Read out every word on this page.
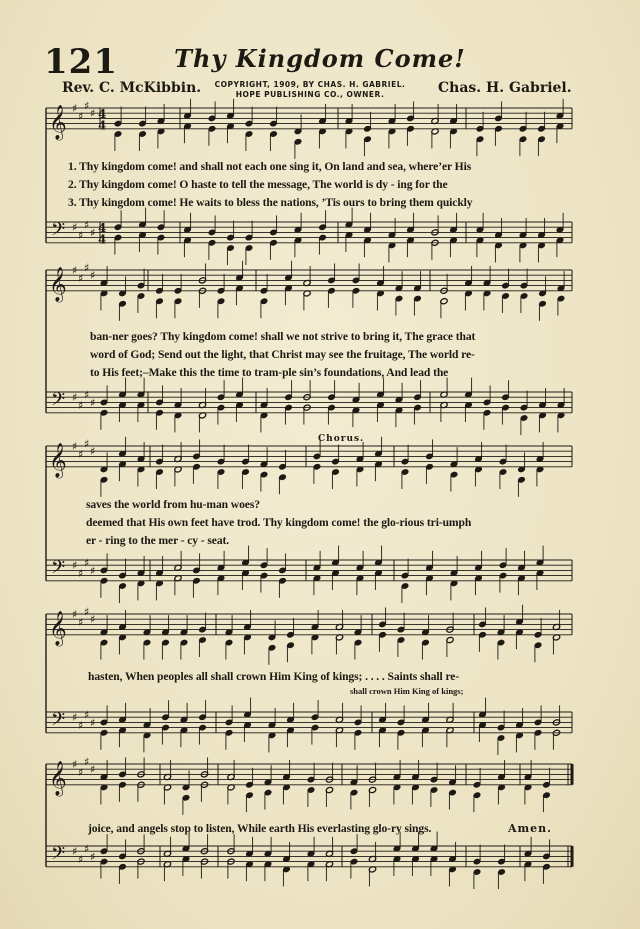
121	Thy Kingdom Come!
Rev. C. McKibbin.	COPYRIGHT, 1909, BY CHAS. H. GABRIEL.
HOPE PUBLISHING CO., OWNER.	Chas. H. Gabriel.
𝄞
𝄢
♯
♯
♯
♯
♯
♯
♯
♯
4
4
4
4
𝄞
𝄢
♯
♯
♯
♯
♯
♯
♯
♯
𝄞
𝄢
♯
♯
♯
♯
♯
♯
♯
♯
𝄞
𝄢
♯
♯
♯
♯
♯
♯
♯
♯
𝄞
𝄢
♯
♯
♯
♯
♯
♯
♯
♯
1. Thy kingdom come! and shall not each one sing it, On land and sea, where’er His
2. Thy kingdom come! O haste to tell the message, The world is dy - ing for the
3. Thy kingdom come! He waits to bless the nations, ’Tis ours to bring them quickly
ban-ner goes? Thy kingdom come! shall we not strive to bring it, The grace that
word of God; Send out the light, that Christ may see the fruitage, The world re-
to His feet;–Make this the time to tram-ple sin’s foundations, And lead the
Chorus.
saves the world from hu-man woes?
deemed that His own feet have trod. Thy kingdom come! the glo-rious tri-umph
er - ring to the mer - cy - seat.
hasten, When peoples all shall crown Him King of kings; . . . . Saints shall re-
shall crown Him King of kings;
joice, and angels stop to listen, While earth His everlasting glo-ry sings.	Amen.
